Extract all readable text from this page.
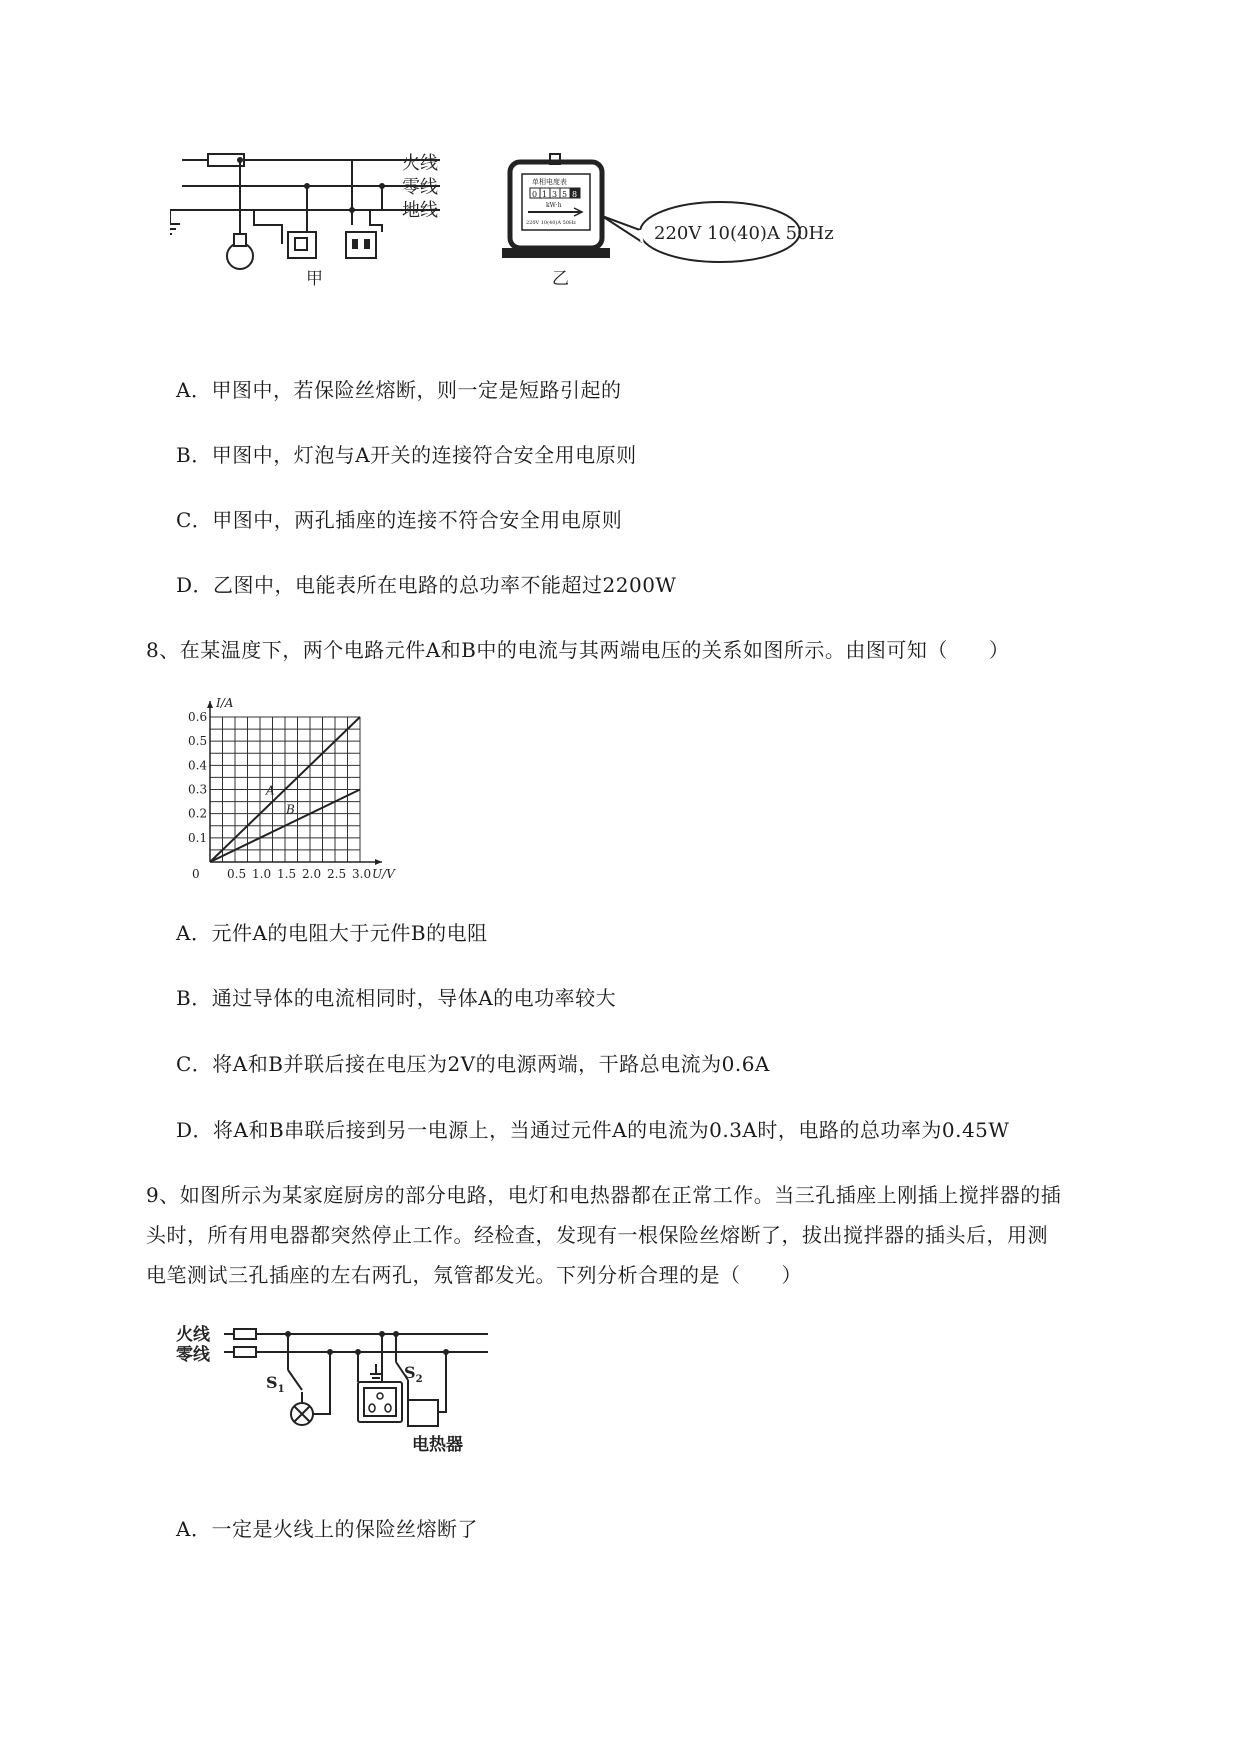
火线
零线
地线
甲
单相电度表
0 1 3 5 8
kW·h
220V 10(40)A 50Hz	220V 10(40)A 50Hz
乙
A．甲图中，若保险丝熔断，则一定是短路引起的
B．甲图中，灯泡与A开关的连接符合安全用电原则
C．甲图中，两孔插座的连接不符合安全用电原则
D．乙图中，电能表所在电路的总功率不能超过2200W
8、在某温度下，两个电路元件A和B中的电流与其两端电压的关系如图所示。由图可知（　　）
A
B
0.5 1.0 1.5 2.0 2.5 3.0
0.1
0.2
0.3
0.4
0.5
0.6
0	U/V
I/A
A．元件A的电阻大于元件B的电阻
B．通过导体的电流相同时，导体A的电功率较大
C．将A和B并联后接在电压为2V的电源两端，干路总电流为0.6A
D．将A和B串联后接到另一电源上，当通过元件A的电流为0.3A时，电路的总功率为0.45W
9、如图所示为某家庭厨房的部分电路，电灯和电热器都在正常工作。当三孔插座上刚插上搅拌器的插
头时，所有用电器都突然停止工作。经检查，发现有一根保险丝熔断了，拔出搅拌器的插头后，用测
电笔测试三孔插座的左右两孔，氖管都发光。下列分析合理的是（　　）
火线
零线
$S_1$
$S_2$
电热器
A．一定是火线上的保险丝熔断了
